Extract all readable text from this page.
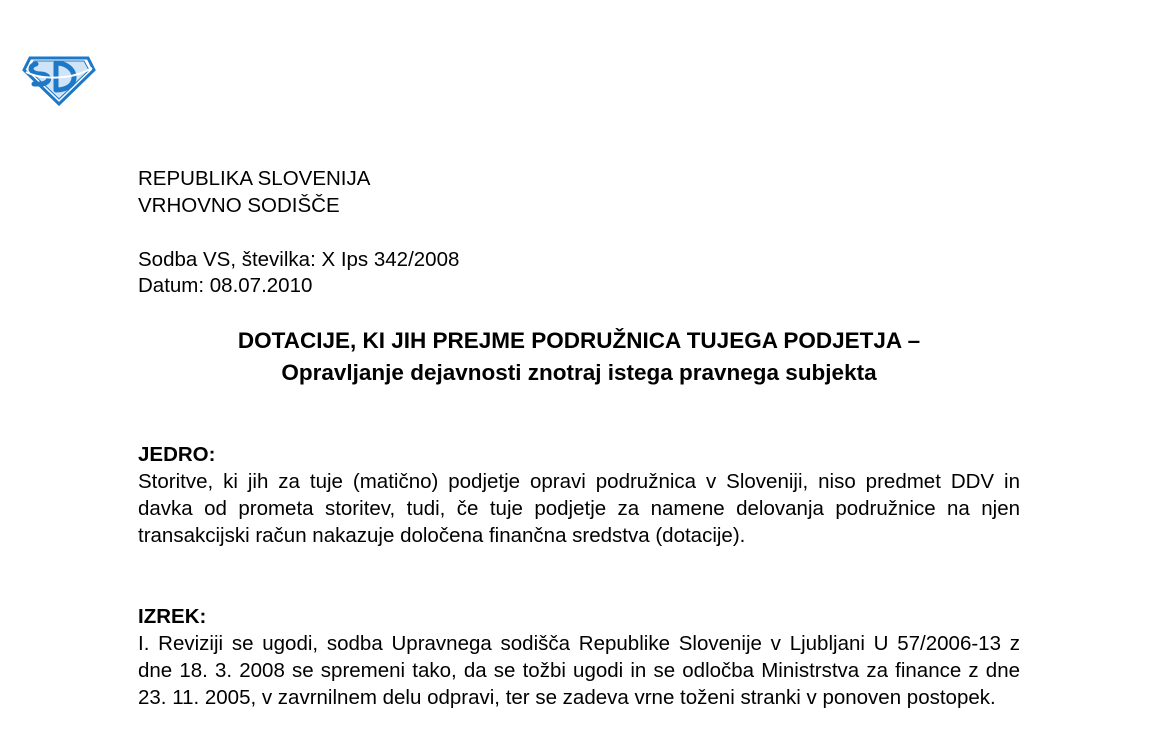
REPUBLIKA SLOVENIJA
VRHOVNO SODIŠČE
Sodba VS, številka: X Ips 342/2008
Datum: 08.07.2010
DOTACIJE, KI JIH PREJME PODRUŽNICA TUJEGA PODJETJA –
Opravljanje dejavnosti znotraj istega pravnega subjekta
JEDRO:

Storitve, ki jih za tuje (matično) podjetje opravi podružnica v Sloveniji, niso predmet DDV in davka od prometa storitev, tudi, če tuje podjetje za namene delovanja podružnice na njen transakcijski račun nakazuje določena finančna sredstva (dotacije).

IZREK:

I. Reviziji se ugodi, sodba Upravnega sodišča Republike Slovenije v Ljubljani U 57/2006-13 z dne 18. 3. 2008 se spremeni tako, da se tožbi ugodi in se odločba Ministrstva za finance z dne 23. 11. 2005, v zavrnilnem delu odpravi, ter se zadeva vrne toženi stranki v ponoven postopek.
